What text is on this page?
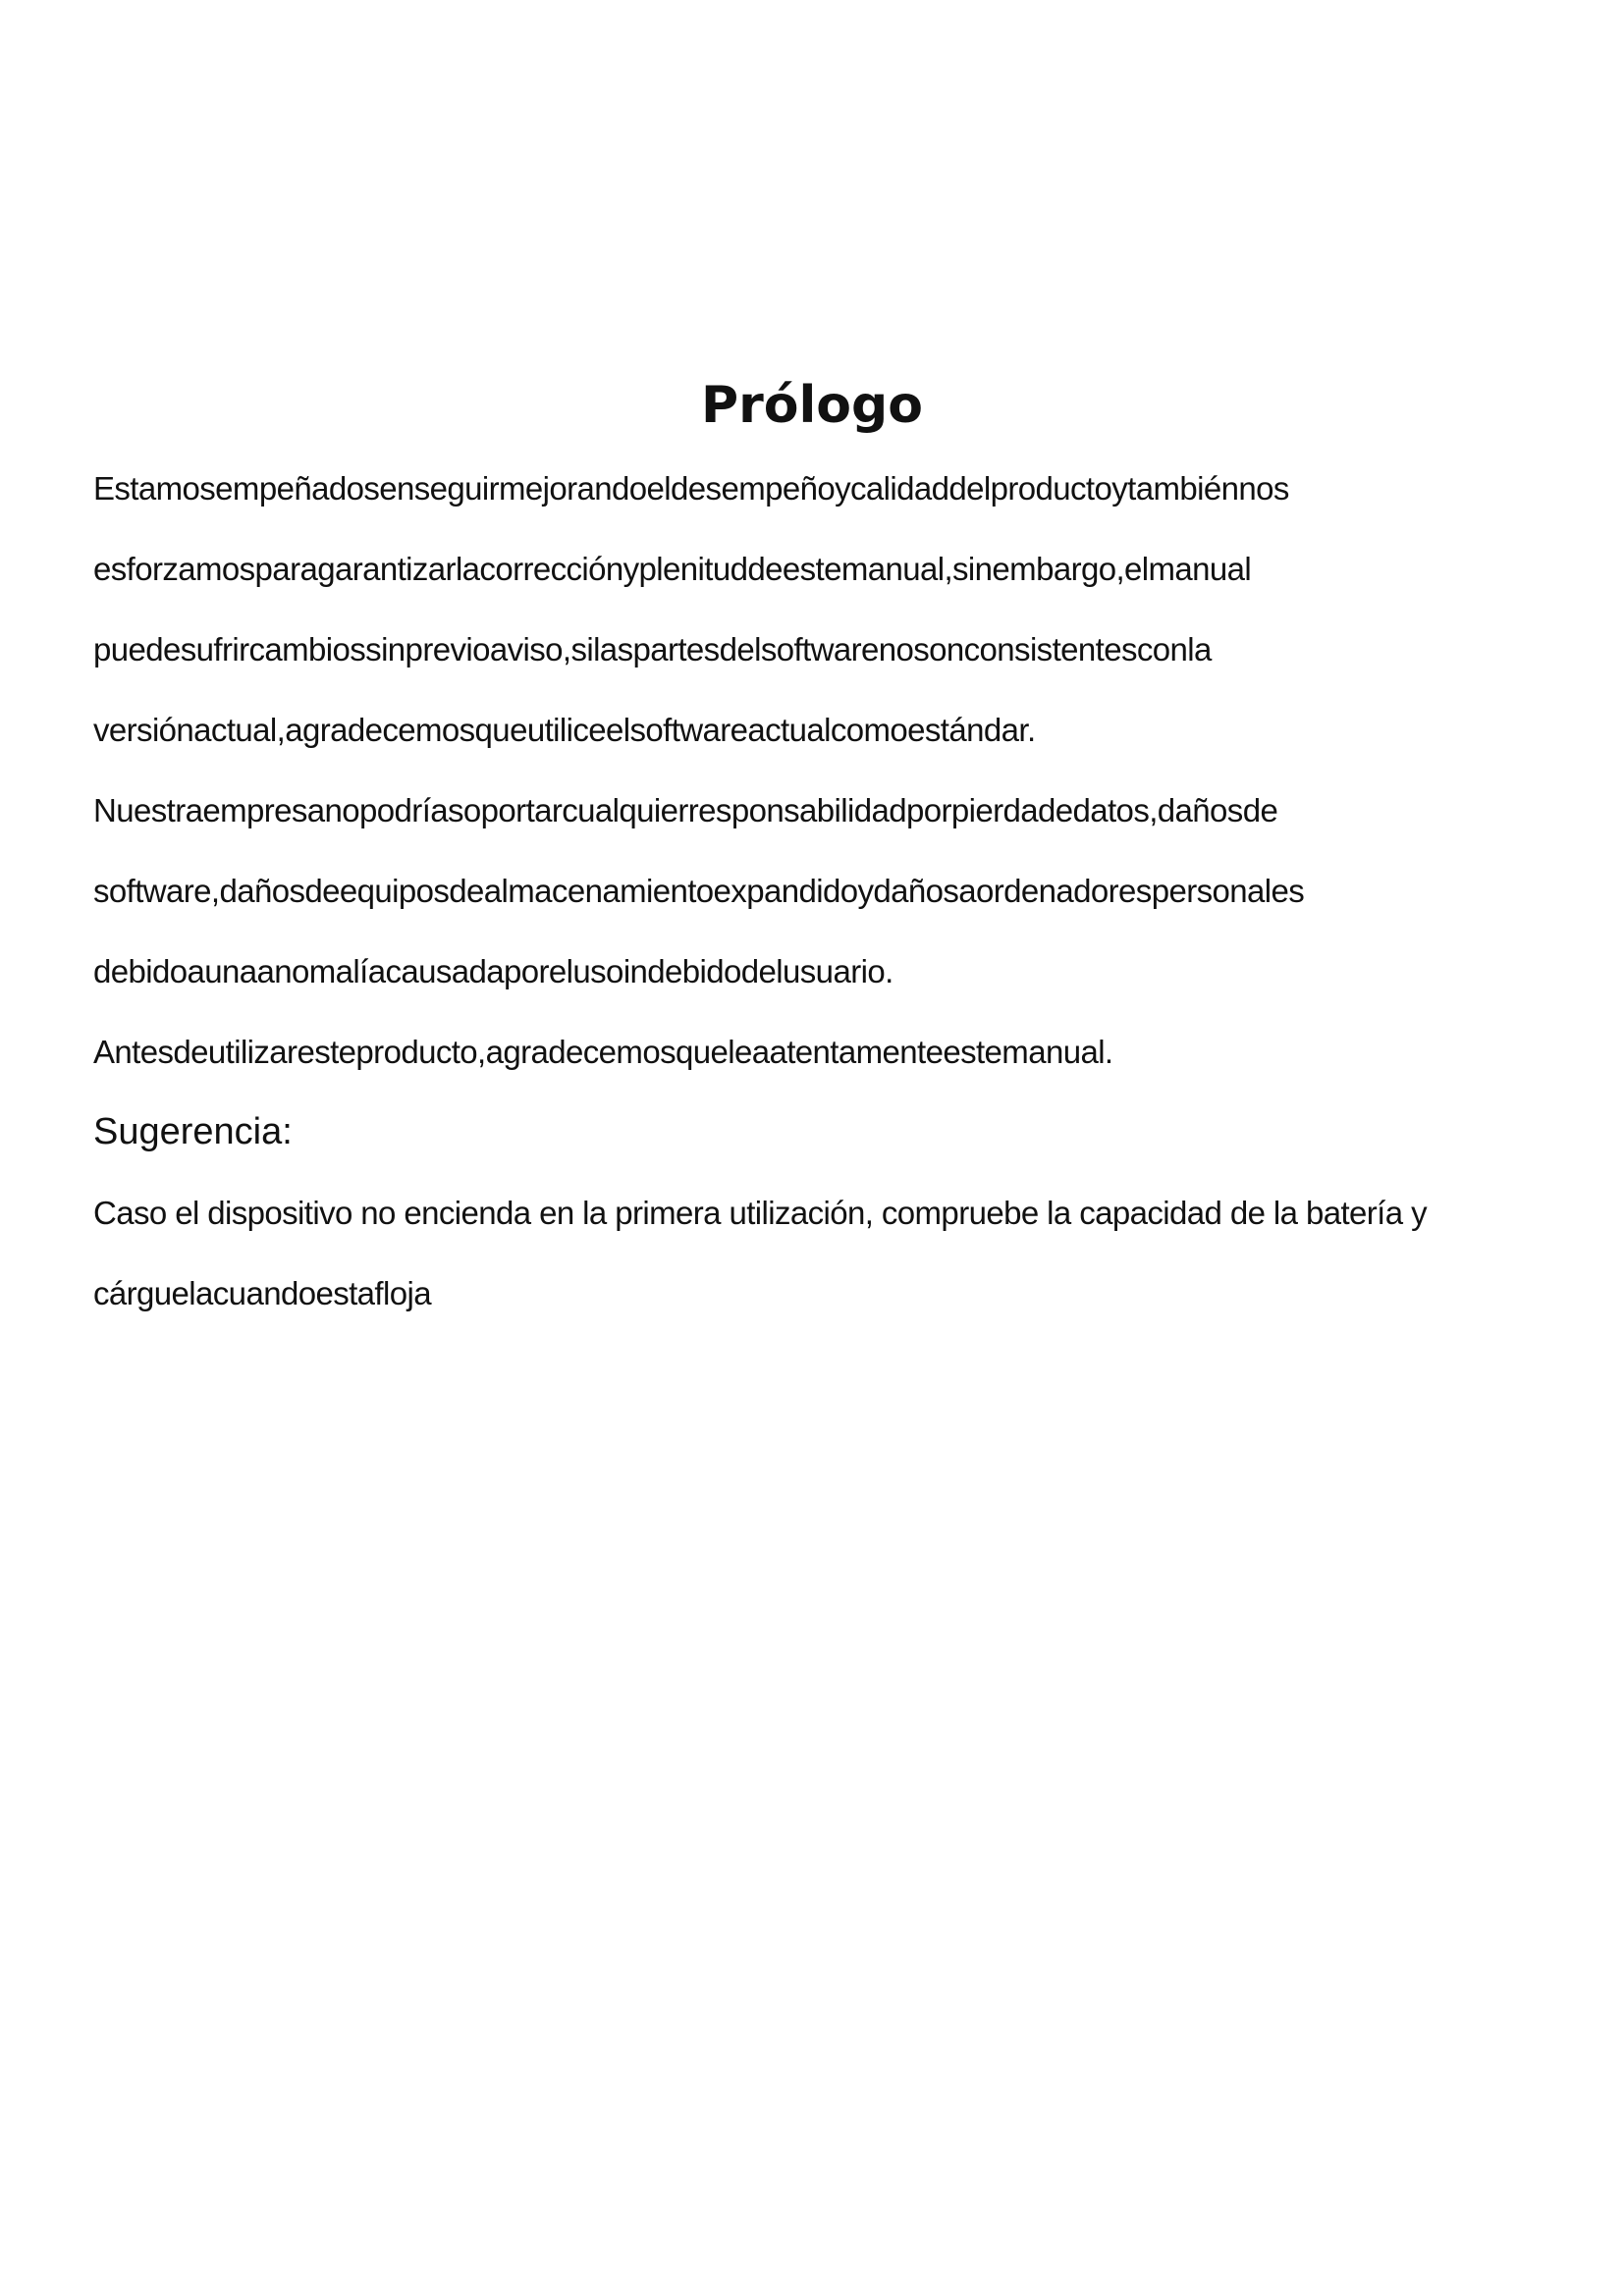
Prólogo

Estamosempeñadosenseguirmejorandoeldesempeñoycalidaddelproductoytambiénnos

esforzamosparagarantizarlacorrecciónyplenituddeestemanual,sinembargo,elmanual

puedesufrircambiossinprevioaviso,silaspartesdelsoftwarenosonconsistentesconla

versiónactual,agradecemosqueutiliceelsoftwareactualcomoestándar.

Nuestraempresanopodríasoportarcualquierresponsabilidadporpierdadedatos,dañosde

software,dañosdeequiposdealmacenamientoexpandidoydañosaordenadorespersonales

debidoaunaanomalíacausadaporelusoindebidodelusuario.

Antesdeutilizaresteproducto,agradecemosqueleaatentamenteestemanual.

Sugerencia:

Caso el dispositivo no encienda en la primera utilización, compruebe la capacidad de la batería y

cárguelacuandoestafloja
